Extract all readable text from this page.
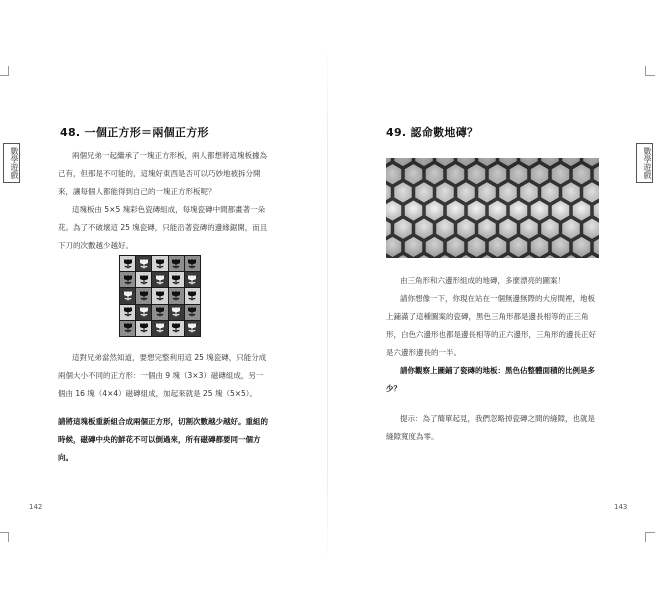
數學遊戲	數學遊戲
48. 一個正方形＝兩個正方形

兩個兄弟一起繼承了一塊正方形板，兩人都想將這塊板據為己有，但那是不可能的，這塊好東西是否可以巧妙地被拆分開來，讓每個人都能得到自己的一塊正方形板呢？

這塊板由 5×5 塊彩色瓷磚組成，每塊瓷磚中間都畫著一朵花。為了不破壞這 25 塊瓷磚，只能沿著瓷磚的邊緣鋸開，而且下刀的次數越少越好。

這對兄弟當然知道，要想完整利用這 25 塊瓷磚，只能分成兩個大小不同的正方形：一個由 9 塊（3×3）磁磚組成，另一個由 16 塊（4×4）磁磚組成，加起來就是 25 塊（5×5）。

請將這塊板重新組合成兩個正方形，切割次數越少越好。重組的時候，磁磚中央的鮮花不可以倒過來，所有磁磚都要同一個方向。

142
49. 認命數地磚？

由三角形和六邊形組成的地磚，多麼漂亮的圖案！

請你想像一下，你現在站在一個無邊無際的大房間裡，地板上鋪滿了這種圖案的瓷磚，黑色三角形都是邊長相等的正三角形，白色六邊形也都是邊長相等的正六邊形，三角形的邊長正好是六邊形邊長的一半。

請你觀察上圖鋪了瓷磚的地板：黑色佔整體面積的比例是多少？

提示：為了簡單起見，我們忽略掉瓷磚之間的縫隙，也就是縫隙寬度為零。

143
